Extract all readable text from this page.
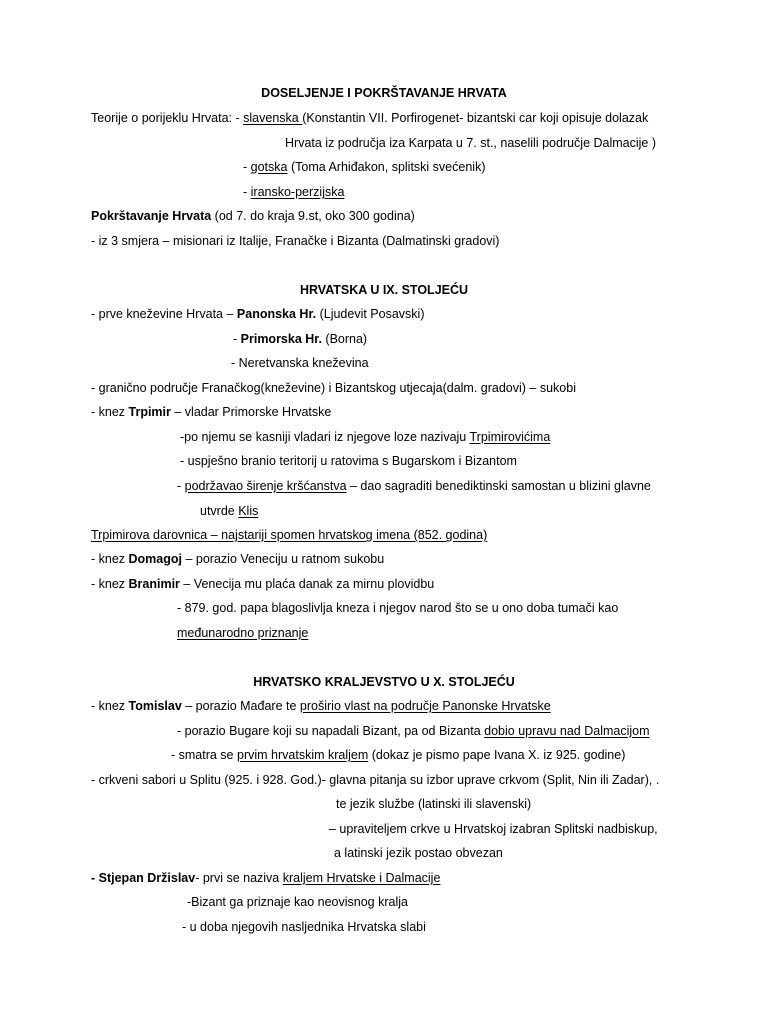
DOSELJENJE I POKRŠTAVANJE HRVATA
Teorije o porijeklu Hrvata: - slavenska (Konstantin VII. Porfirogenet- bizantski car koji opisuje dolazak
Hrvata iz područja iza Karpata u 7. st., naselili područje Dalmacije )
- gotska (Toma Arhiđakon, splitski svećenik)
- iransko-perzijska
Pokrštavanje Hrvata (od 7. do kraja 9.st, oko 300 godina)
- iz 3 smjera – misionari iz Italije, Franačke i Bizanta (Dalmatinski gradovi)
HRVATSKA U IX. STOLJEĆU
- prve kneževine Hrvata – Panonska Hr. (Ljudevit Posavski)
- Primorska Hr. (Borna)
- Neretvanska kneževina
- granično područje Franačkog(kneževine) i Bizantskog utjecaja(dalm. gradovi) – sukobi
- knez Trpimir – vladar Primorske Hrvatske
-po njemu se kasniji vladari iz njegove loze nazivaju Trpimirovićima
- uspješno branio teritorij u ratovima s Bugarskom i Bizantom
- podržavao širenje kršćanstva – dao sagraditi benediktinski samostan u blizini glavne
utvrde Klis
Trpimirova darovnica – najstariji spomen hrvatskog imena (852. godina)
- knez Domagoj – porazio Veneciju u ratnom sukobu
- knez Branimir – Venecija mu plaća danak za mirnu plovidbu
- 879. god. papa blagoslivlja kneza i njegov narod što se u ono doba tumači kao
međunarodno priznanje
HRVATSKO KRALJEVSTVO U X. STOLJEĆU
- knez Tomislav – porazio Mađare te proširio vlast na područje Panonske Hrvatske
- porazio Bugare koji su napadali Bizant, pa od Bizanta dobio upravu nad Dalmacijom
- smatra se prvim hrvatskim kraljem (dokaz je pismo pape Ivana X. iz 925. godine)
- crkveni sabori u Splitu (925. i 928. God.)- glavna pitanja su izbor uprave crkvom (Split, Nin ili Zadar), .
te jezik službe (latinski ili slavenski)
– upraviteljem crkve u Hrvatskoj izabran Splitski nadbiskup,
a latinski jezik postao obvezan
- Stjepan Držislav- prvi se naziva kraljem Hrvatske i Dalmacije
-Bizant ga priznaje kao neovisnog kralja
- u doba njegovih nasljednika Hrvatska slabi
